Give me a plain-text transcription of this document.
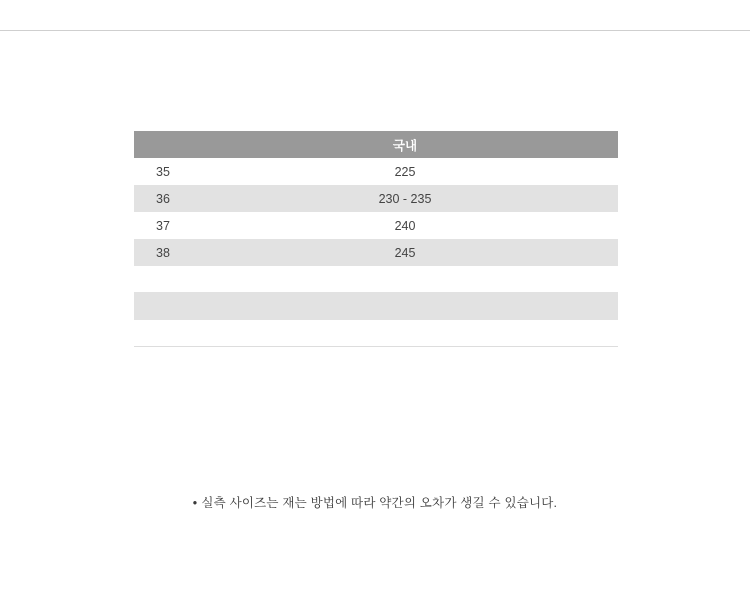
	국내
35	225
36	230 - 235
37	240
38	245
• 실측 사이즈는 재는 방법에 따라 약간의 오차가 생길 수 있습니다.
